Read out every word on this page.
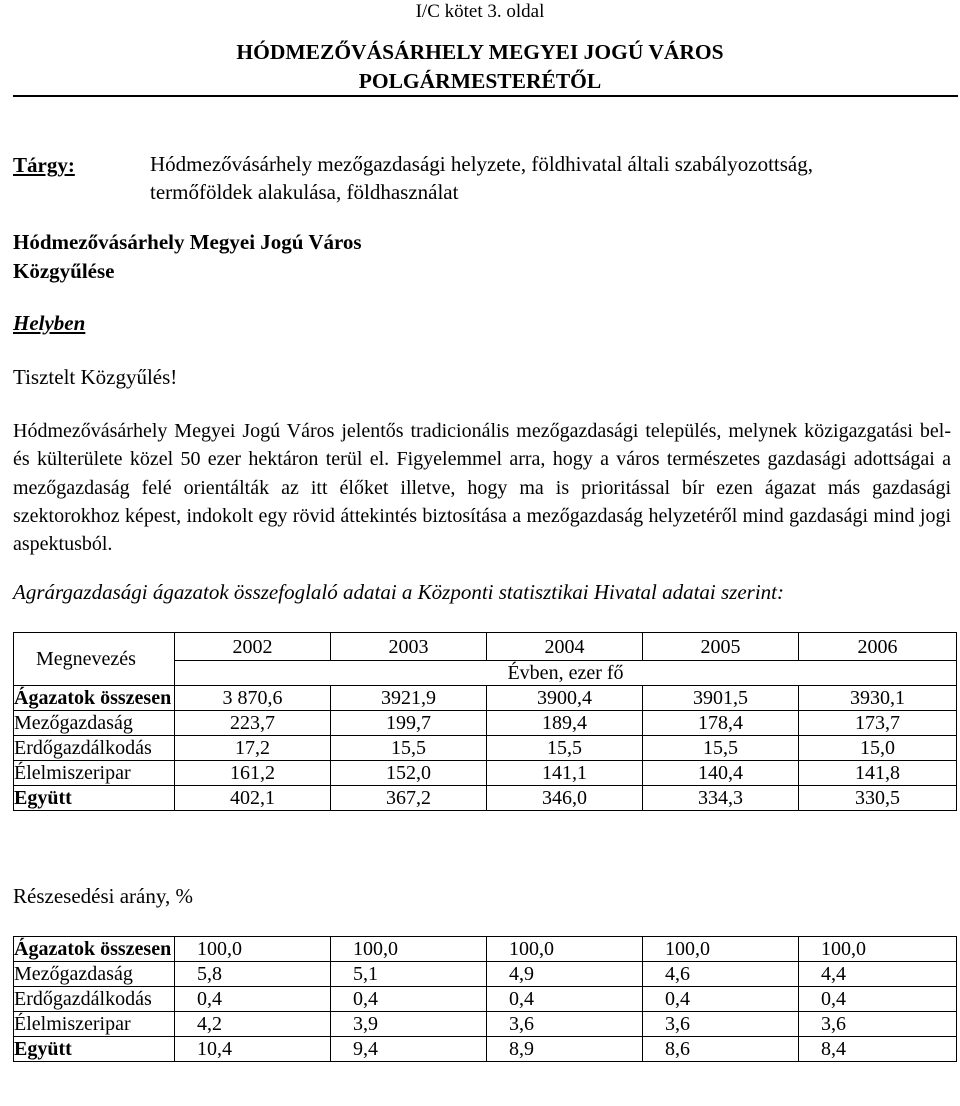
I/C kötet 3. oldal
HÓDMEZŐVÁSÁRHELY MEGYEI JOGÚ VÁROS
POLGÁRMESTERÉTŐL
Tárgy:	Hódmezővásárhely mezőgazdasági helyzete, földhivatal általi szabályozottság, termőföldek alakulása, földhasználat
Hódmezővásárhely Megyei Jogú Város
Közgyűlése
Helyben
Tisztelt Közgyűlés!
Hódmezővásárhely Megyei Jogú Város jelentős tradicionális mezőgazdasági település, melynek közigazgatási bel- és külterülete közel 50 ezer hektáron terül el. Figyelemmel arra, hogy a város természetes gazdasági adottságai a mezőgazdaság felé orientálták az itt élőket illetve, hogy ma is prioritással bír ezen ágazat más gazdasági szektorokhoz képest, indokolt egy rövid áttekintés biztosítása a mezőgazdaság helyzetéről mind gazdasági mind jogi aspektusból.
Agrárgazdasági ágazatok összefoglaló adatai a Központi statisztikai Hivatal adatai szerint:
Megnevezés	2002	2003	2004	2005	2006
	Évben, ezer fő				
Ágazatok összesen	3 870,6	3921,9	3900,4	3901,5	3930,1
Mezőgazdaság	223,7	199,7	189,4	178,4	173,7
Erdőgazdálkodás	17,2	15,5	15,5	15,5	15,0
Élelmiszeripar	161,2	152,0	141,1	140,4	141,8
Együtt	402,1	367,2	346,0	334,3	330,5
Részesedési arány, %
Ágazatok összesen	100,0	100,0	100,0	100,0	100,0
Mezőgazdaság	5,8	5,1	4,9	4,6	4,4
Erdőgazdálkodás	0,4	0,4	0,4	0,4	0,4
Élelmiszeripar	4,2	3,9	3,6	3,6	3,6
Együtt	10,4	9,4	8,9	8,6	8,4
